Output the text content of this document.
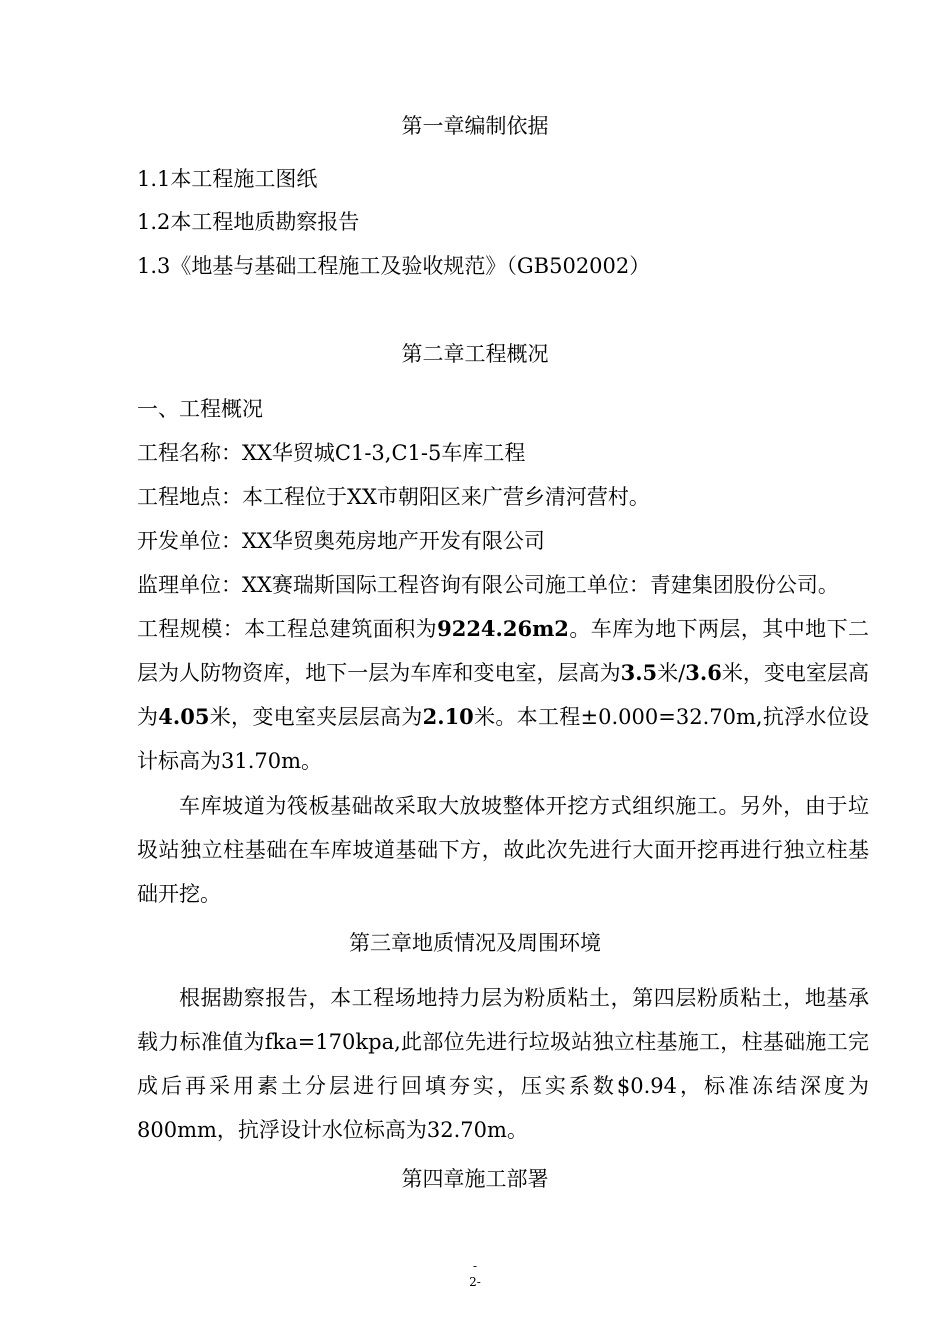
第一章编制依据
1.1本工程施工图纸
1.2本工程地质勘察报告
1.3《地基与基础工程施工及验收规范》（GB502002）
第二章工程概况
一、工程概况
工程名称：XX华贸城C1-3,C1-5车库工程
工程地点：本工程位于XX市朝阳区来广营乡清河营村。
开发单位：XX华贸奥苑房地产开发有限公司
监理单位：XX赛瑞斯国际工程咨询有限公司施工单位：青建集团股份公司。
工程规模：本工程总建筑面积为9224.26m2。车库为地下两层，其中地下二层为人防物资库，地下一层为车库和变电室，层高为3.5米/3.6米，变电室层高为4.05米，变电室夹层层高为2.10米。本工程±0.000=32.70m,抗浮水位设计标高为31.70m。
车库坡道为筏板基础故采取大放坡整体开挖方式组织施工。另外，由于垃圾站独立柱基础在车库坡道基础下方，故此次先进行大面开挖再进行独立柱基础开挖。
第三章地质情况及周围环境
根据勘察报告，本工程场地持力层为粉质粘土，第四层粉质粘土，地基承载力标准值为fka=170kpa,此部位先进行垃圾站独立柱基施工，柱基础施工完成后再采用素土分层进行回填夯实，压实系数$0.94，标准冻结深度为800mm，抗浮设计水位标高为32.70m。
第四章施工部署
-
2-
